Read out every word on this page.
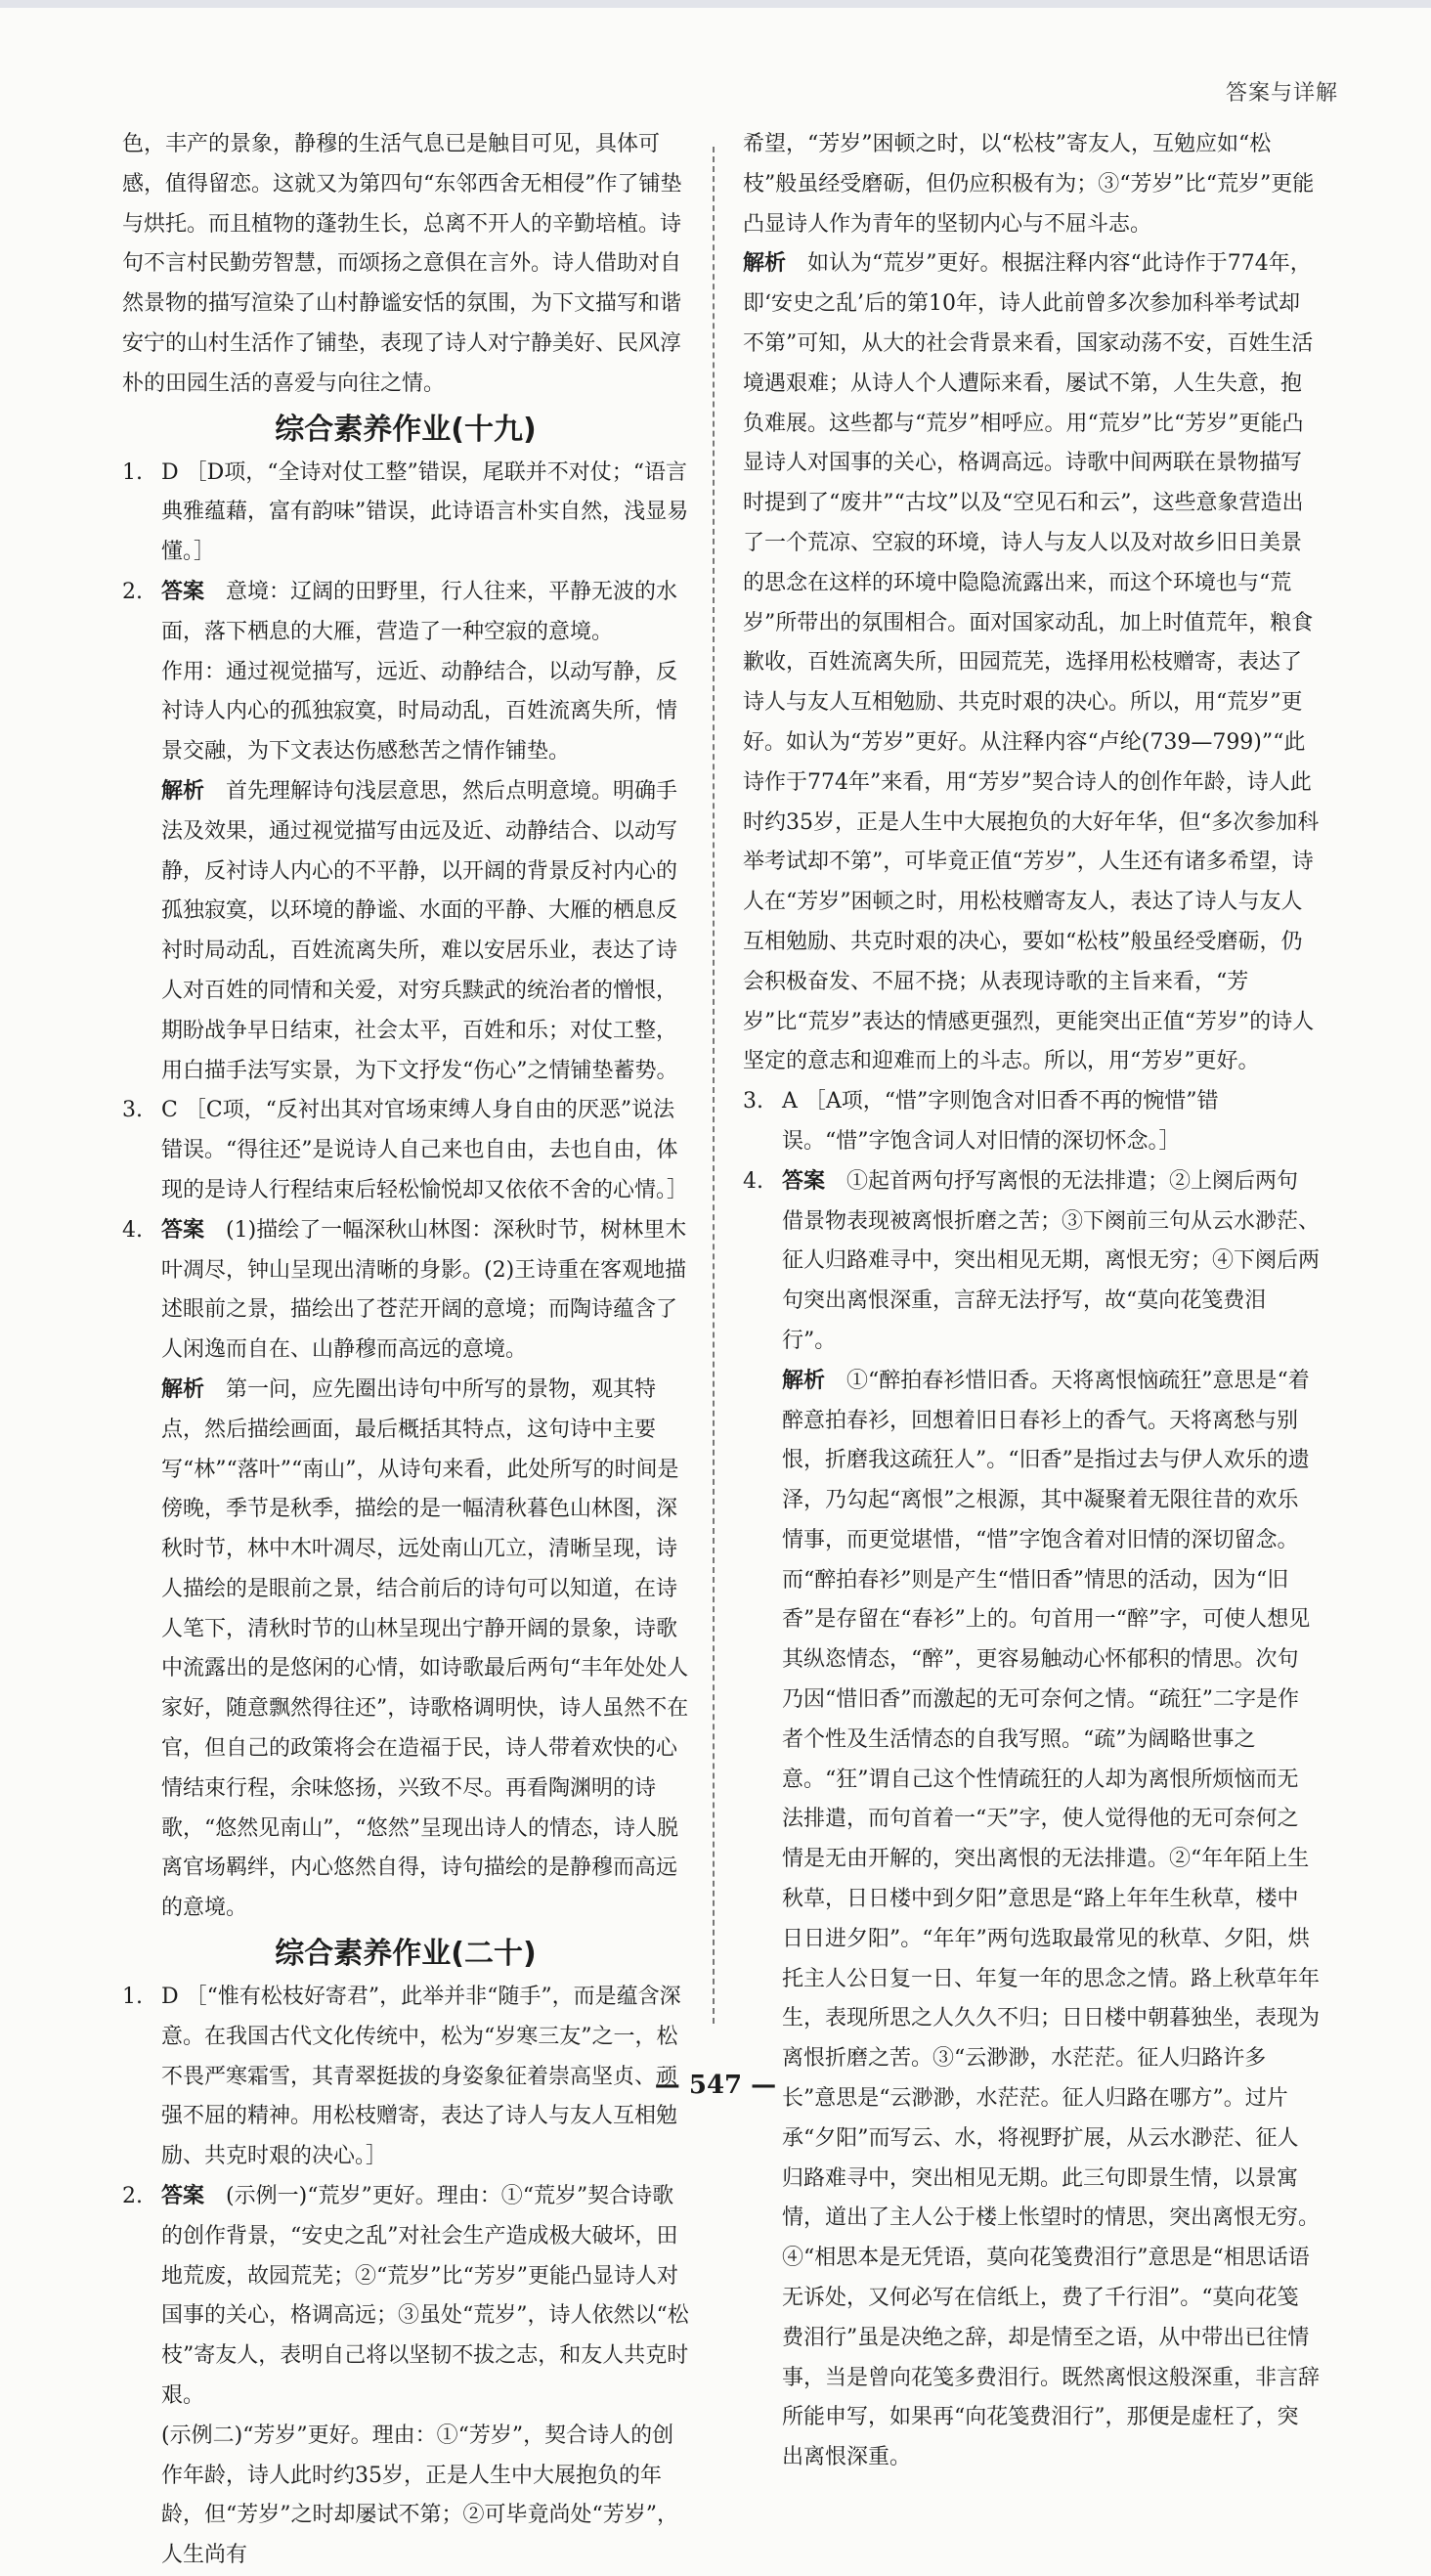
答案与详解
色，丰产的景象，静穆的生活气息已是触目可见，具体可感，值得留恋。这就又为第四句“东邻西舍无相侵”作了铺垫与烘托。而且植物的蓬勃生长，总离不开人的辛勤培植。诗句不言村民勤劳智慧，而颂扬之意俱在言外。诗人借助对自然景物的描写渲染了山村静谧安恬的氛围，为下文描写和谐安宁的山村生活作了铺垫，表现了诗人对宁静美好、民风淳朴的田园生活的喜爱与向往之情。
综合素养作业(十九)
1. D ［D项，“全诗对仗工整”错误，尾联并不对仗；“语言典雅蕴藉，富有韵味”错误，此诗语言朴实自然，浅显易懂。］
2. 答案　 意境：辽阔的田野里，行人往来，平静无波的水面，落下栖息的大雁，营造了一种空寂的意境。
作用：通过视觉描写，远近、动静结合，以动写静，反衬诗人内心的孤独寂寞，时局动乱，百姓流离失所，情景交融，为下文表达伤感愁苦之情作铺垫。
解析　 首先理解诗句浅层意思，然后点明意境。明确手法及效果，通过视觉描写由远及近、动静结合、以动写静，反衬诗人内心的不平静，以开阔的背景反衬内心的孤独寂寞，以环境的静谧、水面的平静、大雁的栖息反衬时局动乱，百姓流离失所，难以安居乐业，表达了诗人对百姓的同情和关爱，对穷兵黩武的统治者的憎恨，期盼战争早日结束，社会太平，百姓和乐；对仗工整，用白描手法写实景，为下文抒发“伤心”之情铺垫蓄势。
3. C ［C项，“反衬出其对官场束缚人身自由的厌恶”说法错误。“得往还”是说诗人自己来也自由，去也自由，体现的是诗人行程结束后轻松愉悦却又依依不舍的心情。］
4. 答案　 (1)描绘了一幅深秋山林图：深秋时节，树林里木叶凋尽，钟山呈现出清晰的身影。(2)王诗重在客观地描述眼前之景，描绘出了苍茫开阔的意境；而陶诗蕴含了人闲逸而自在、山静穆而高远的意境。
解析　 第一问，应先圈出诗句中所写的景物，观其特点，然后描绘画面，最后概括其特点，这句诗中主要写“林”“落叶”“南山”，从诗句来看，此处所写的时间是傍晚，季节是秋季，描绘的是一幅清秋暮色山林图，深秋时节，林中木叶凋尽，远处南山兀立，清晰呈现，诗人描绘的是眼前之景，结合前后的诗句可以知道，在诗人笔下，清秋时节的山林呈现出宁静开阔的景象，诗歌中流露出的是悠闲的心情，如诗歌最后两句“丰年处处人家好，随意飘然得往还”，诗歌格调明快，诗人虽然不在官，但自己的政策将会在造福于民，诗人带着欢快的心情结束行程，余味悠扬，兴致不尽。再看陶渊明的诗歌，“悠然见南山”，“悠然”呈现出诗人的情态，诗人脱离官场羁绊，内心悠然自得，诗句描绘的是静穆而高远的意境。
综合素养作业(二十)
1. D ［“惟有松枝好寄君”，此举并非“随手”，而是蕴含深意。在我国古代文化传统中，松为“岁寒三友”之一，松不畏严寒霜雪，其青翠挺拔的身姿象征着崇高坚贞、顽强不屈的精神。用松枝赠寄，表达了诗人与友人互相勉励、共克时艰的决心。］
2. 答案　 (示例一)“荒岁”更好。理由：①“荒岁”契合诗歌的创作背景，“安史之乱”对社会生产造成极大破坏，田地荒废，故园荒芜；②“荒岁”比“芳岁”更能凸显诗人对国事的关心，格调高远；③虽处“荒岁”，诗人依然以“松枝”寄友人，表明自己将以坚韧不拔之志，和友人共克时艰。
(示例二)“芳岁”更好。理由：①“芳岁”，契合诗人的创作年龄，诗人此时约35岁，正是人生中大展抱负的年龄，但“芳岁”之时却屡试不第；②可毕竟尚处“芳岁”，人生尚有
希望，“芳岁”困顿之时，以“松枝”寄友人，互勉应如“松枝”般虽经受磨砺，但仍应积极有为；③“芳岁”比“荒岁”更能凸显诗人作为青年的坚韧内心与不屈斗志。
解析　 如认为“荒岁”更好。根据注释内容“此诗作于774年，即‘安史之乱’后的第10年，诗人此前曾多次参加科举考试却不第”可知，从大的社会背景来看，国家动荡不安，百姓生活境遇艰难；从诗人个人遭际来看，屡试不第，人生失意，抱负难展。这些都与“荒岁”相呼应。用“荒岁”比“芳岁”更能凸显诗人对国事的关心，格调高远。诗歌中间两联在景物描写时提到了“废井”“古坟”以及“空见石和云”，这些意象营造出了一个荒凉、空寂的环境，诗人与友人以及对故乡旧日美景的思念在这样的环境中隐隐流露出来，而这个环境也与“荒岁”所带出的氛围相合。面对国家动乱，加上时值荒年，粮食歉收，百姓流离失所，田园荒芜，选择用松枝赠寄，表达了诗人与友人互相勉励、共克时艰的决心。所以，用“荒岁”更好。如认为“芳岁”更好。从注释内容“卢纶(739—799)”“此诗作于774年”来看，用“芳岁”契合诗人的创作年龄，诗人此时约35岁，正是人生中大展抱负的大好年华，但“多次参加科举考试却不第”，可毕竟正值“芳岁”，人生还有诸多希望，诗人在“芳岁”困顿之时，用松枝赠寄友人，表达了诗人与友人互相勉励、共克时艰的决心，要如“松枝”般虽经受磨砺，仍会积极奋发、不屈不挠；从表现诗歌的主旨来看，“芳岁”比“荒岁”表达的情感更强烈，更能突出正值“芳岁”的诗人坚定的意志和迎难而上的斗志。所以，用“芳岁”更好。
3. A ［A项，“惜”字则饱含对旧香不再的惋惜”错误。“惜”字饱含词人对旧情的深切怀念。］
4. 答案　 ①起首两句抒写离恨的无法排遣；②上阕后两句借景物表现被离恨折磨之苦；③下阕前三句从云水渺茫、征人归路难寻中，突出相见无期，离恨无穷；④下阕后两句突出离恨深重，言辞无法抒写，故“莫向花笺费泪行”。
解析　 ①“醉拍春衫惜旧香。天将离恨恼疏狂”意思是“着醉意拍春衫，回想着旧日春衫上的香气。天将离愁与别恨，折磨我这疏狂人”。“旧香”是指过去与伊人欢乐的遗泽，乃勾起“离恨”之根源，其中凝聚着无限往昔的欢乐情事，而更觉堪惜，“惜”字饱含着对旧情的深切留念。而“醉拍春衫”则是产生“惜旧香”情思的活动，因为“旧香”是存留在“春衫”上的。句首用一“醉”字，可使人想见其纵恣情态，“醉”，更容易触动心怀郁积的情思。次句乃因“惜旧香”而激起的无可奈何之情。“疏狂”二字是作者个性及生活情态的自我写照。“疏”为阔略世事之意。“狂”谓自己这个性情疏狂的人却为离恨所烦恼而无法排遣，而句首着一“天”字，使人觉得他的无可奈何之情是无由开解的，突出离恨的无法排遣。②“年年陌上生秋草，日日楼中到夕阳”意思是“路上年年生秋草，楼中日日进夕阳”。“年年”两句选取最常见的秋草、夕阳，烘托主人公日复一日、年复一年的思念之情。路上秋草年年生，表现所思之人久久不归；日日楼中朝暮独坐，表现为离恨折磨之苦。③“云渺渺，水茫茫。征人归路许多长”意思是“云渺渺，水茫茫。征人归路在哪方”。过片承“夕阳”而写云、水，将视野扩展，从云水渺茫、征人归路难寻中，突出相见无期。此三句即景生情，以景寓情，道出了主人公于楼上怅望时的情思，突出离恨无穷。④“相思本是无凭语，莫向花笺费泪行”意思是“相思话语无诉处，又何必写在信纸上，费了千行泪”。“莫向花笺费泪行”虽是决绝之辞，却是情至之语，从中带出已往情事，当是曾向花笺多费泪行。既然离恨这般深重，非言辞所能申写，如果再“向花笺费泪行”，那便是虚枉了，突出离恨深重。
— 547 —
